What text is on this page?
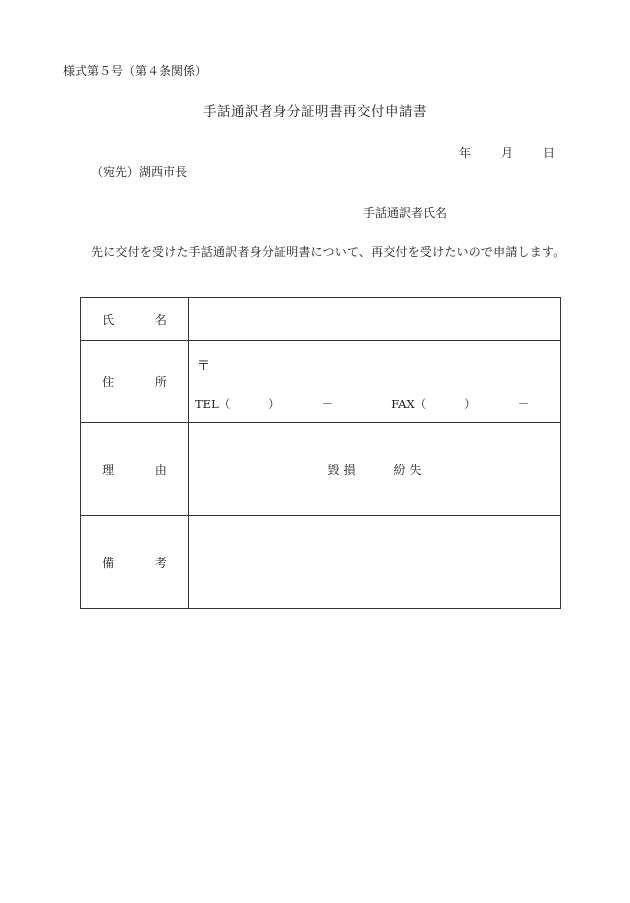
様式第５号（第４条関係）
手話通訳者身分証明書再交付申請書
年	月	日
（宛先）湖西市長
手話通訳者氏名
先に交付を受けた手話通訳者身分証明書について、再交付を受けたいので申請します。
氏　名	
住　所	〒
TEL（ ） － FAX（ ） －

理　由	毀 損 紛 失
備　考	
